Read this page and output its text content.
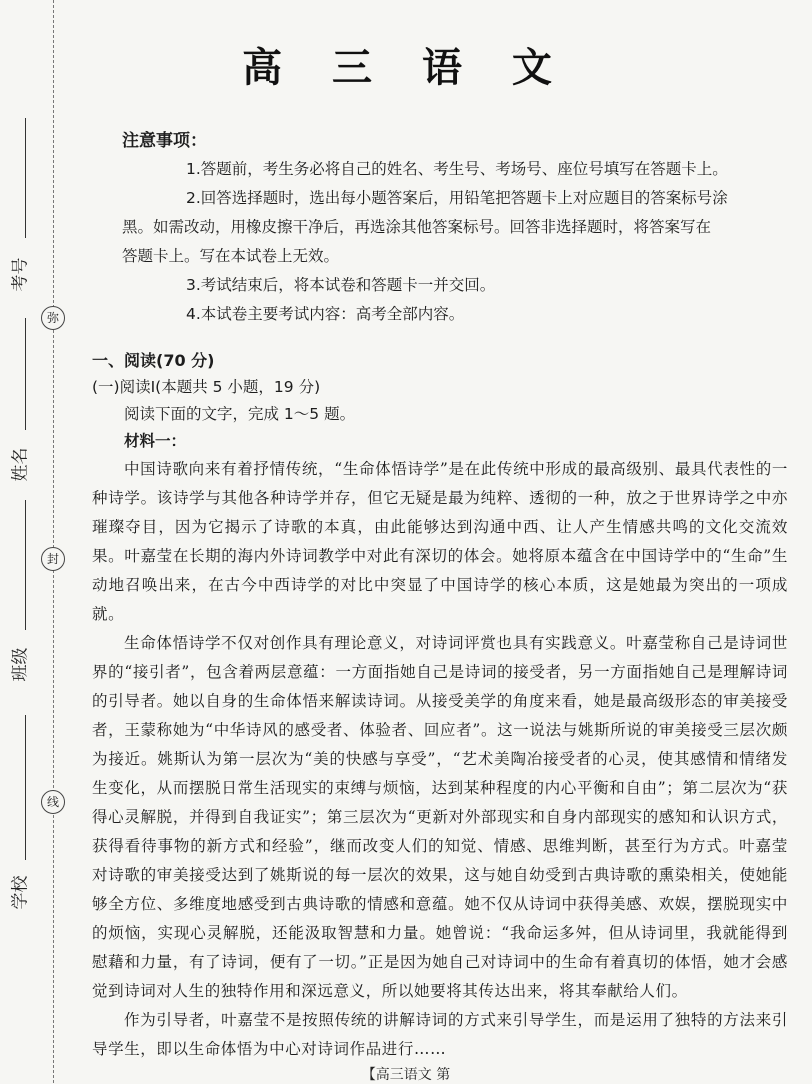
考号
弥
姓名
封
班级
线
学校
高 三 语 文
注意事项：

1.答题前，考生务必将自己的姓名、考生号、考场号、座位号填写在答题卡上。

2.回答选择题时，选出每小题答案后，用铅笔把答题卡上对应题目的答案标号涂

黑。如需改动，用橡皮擦干净后，再选涂其他答案标号。回答非选择题时，将答案写在

答题卡上。写在本试卷上无效。

3.考试结束后，将本试卷和答题卡一并交回。

4.本试卷主要考试内容：高考全部内容。

一、阅读(70 分)
(一)阅读Ⅰ(本题共 5 小题，19 分)
阅读下面的文字，完成 1～5 题。
材料一：

中国诗歌向来有着抒情传统，“生命体悟诗学”是在此传统中形成的最高级别、最具代表性的一种诗学。该诗学与其他各种诗学并存，但它无疑是最为纯粹、透彻的一种，放之于世界诗学之中亦璀璨夺目，因为它揭示了诗歌的本真，由此能够达到沟通中西、让人产生情感共鸣的文化交流效果。叶嘉莹在长期的海内外诗词教学中对此有深切的体会。她将原本蕴含在中国诗学中的“生命”生动地召唤出来，在古今中西诗学的对比中突显了中国诗学的核心本质，这是她最为突出的一项成就。

生命体悟诗学不仅对创作具有理论意义，对诗词评赏也具有实践意义。叶嘉莹称自己是诗词世界的“接引者”，包含着两层意蕴：一方面指她自己是诗词的接受者，另一方面指她自己是理解诗词的引导者。她以自身的生命体悟来解读诗词。从接受美学的角度来看，她是最高级形态的审美接受者，王蒙称她为“中华诗风的感受者、体验者、回应者”。这一说法与姚斯所说的审美接受三层次颇为接近。姚斯认为第一层次为“美的快感与享受”，“艺术美陶冶接受者的心灵，使其感情和情绪发生变化，从而摆脱日常生活现实的束缚与烦恼，达到某种程度的内心平衡和自由”；第二层次为“获得心灵解脱，并得到自我证实”；第三层次为“更新对外部现实和自身内部现实的感知和认识方式，获得看待事物的新方式和经验”，继而改变人们的知觉、情感、思维判断，甚至行为方式。叶嘉莹对诗歌的审美接受达到了姚斯说的每一层次的效果，这与她自幼受到古典诗歌的熏染相关，使她能够全方位、多维度地感受到古典诗歌的情感和意蕴。她不仅从诗词中获得美感、欢娱，摆脱现实中的烦恼，实现心灵解脱，还能汲取智慧和力量。她曾说：“我命运多舛，但从诗词里，我就能得到慰藉和力量，有了诗词，便有了一切。”正是因为她自己对诗词中的生命有着真切的体悟，她才会感觉到诗词对人生的独特作用和深远意义，所以她要将其传达出来，将其奉献给人们。

作为引导者，叶嘉莹不是按照传统的讲解诗词的方式来引导学生，而是运用了独特的方法来引导学生，即以生命体悟为中心对诗词作品进行……

【高三语文 第
